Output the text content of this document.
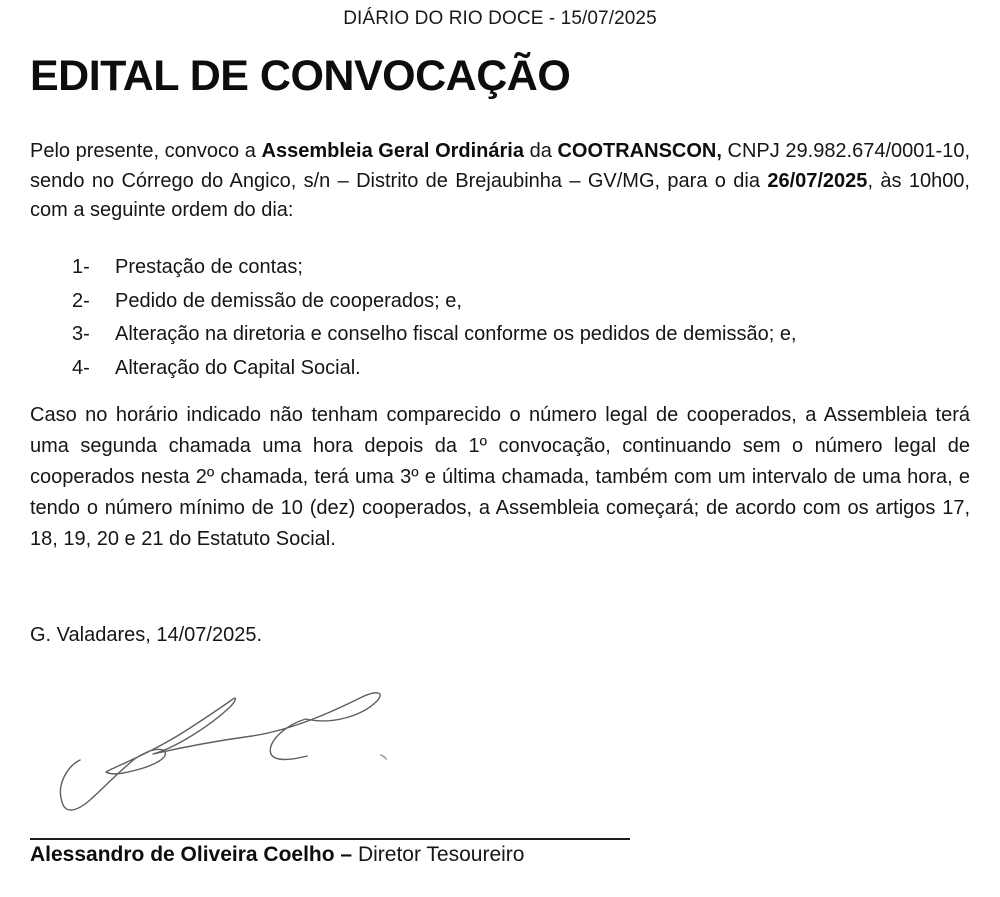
DIÁRIO DO RIO DOCE - 15/07/2025
EDITAL DE CONVOCAÇÃO

Pelo presente, convoco a Assembleia Geral Ordinária da COOTRANSCON, CNPJ 29.982.674/0001-10, sendo no Córrego do Angico, s/n – Distrito de Brejaubinha – GV/MG, para o dia 26/07/2025, às 10h00, com a seguinte ordem do dia:

1-	Prestação de contas;
2-	Pedido de demissão de cooperados; e,
3-	Alteração na diretoria e conselho fiscal conforme os pedidos de demissão; e,
4-	Alteração do Capital Social.

Caso no horário indicado não tenham comparecido o número legal de cooperados, a Assembleia terá uma segunda chamada uma hora depois da 1º convocação, continuando sem o número legal de cooperados nesta 2º chamada, terá uma 3º e última chamada, também com um intervalo de uma hora, e tendo o número mínimo de 10 (dez) cooperados, a Assembleia começará; de acordo com os artigos 17, 18, 19, 20 e 21 do Estatuto Social.

G. Valadares, 14/07/2025.

Alessandro de Oliveira Coelho – Diretor Tesoureiro
